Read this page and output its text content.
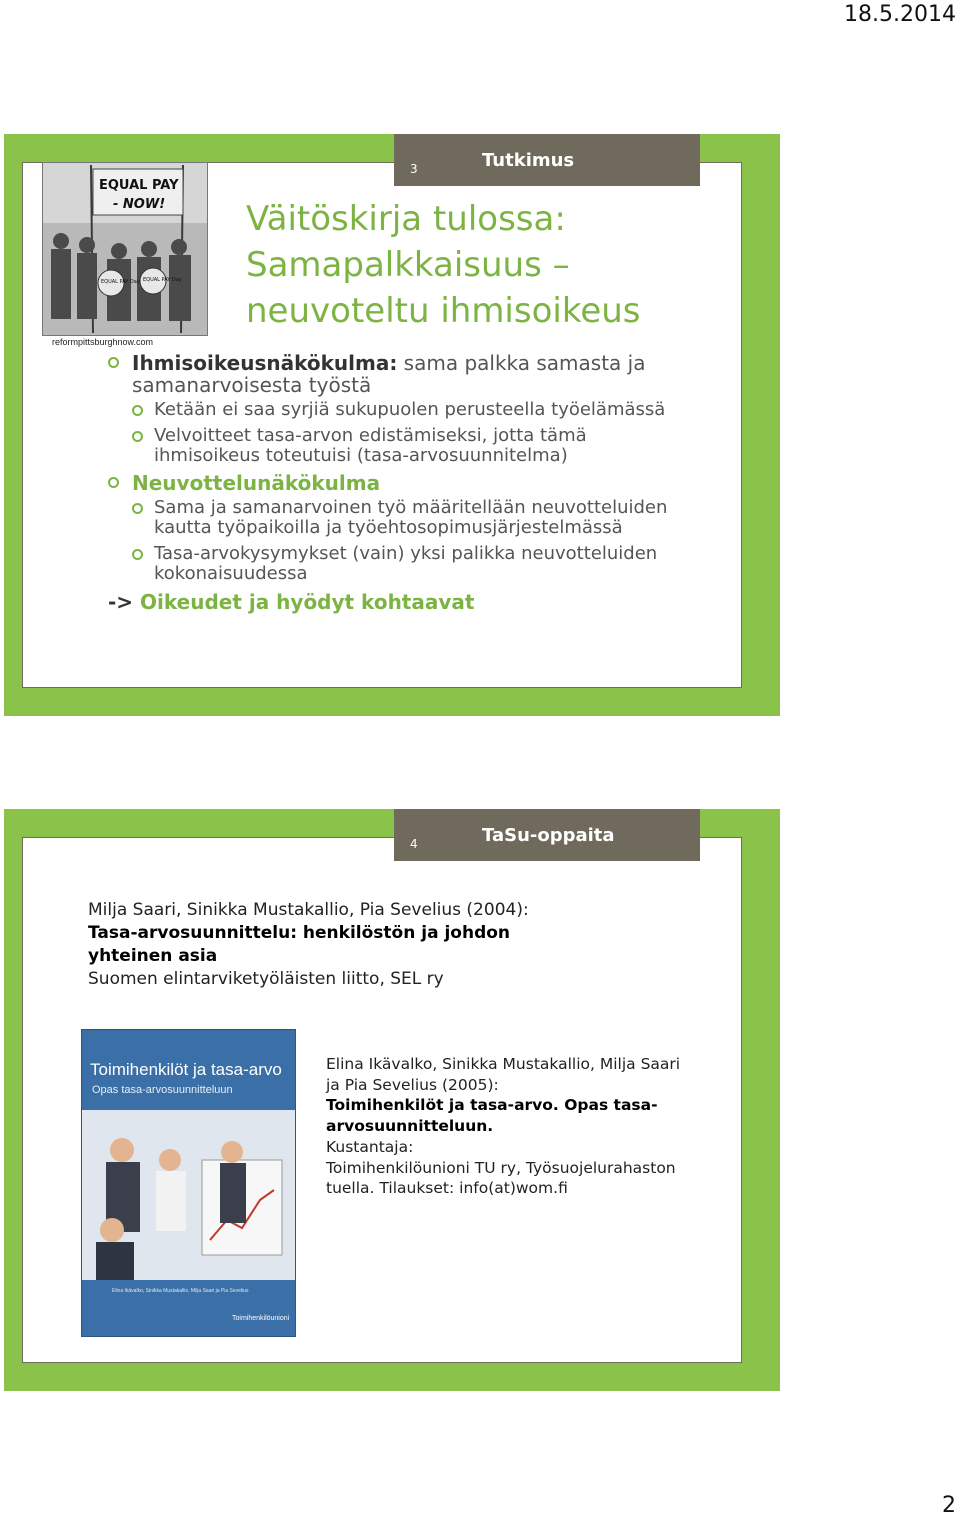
18.5.2014
3	Tutkimus
EQUAL PAY
- NOW!
EQUAL PAY Day EQUAL PAY Day
reformpittsburghnow.com
Väitöskirja tulossa:
Samapalkkaisuus –
neuvoteltu ihmisoikeus
Ihmisoikeusnäkökulma: sama palkka samasta ja samanarvoisesta työstä
Ketään ei saa syrjiä sukupuolen perusteella työelämässä
Velvoitteet tasa-arvon edistämiseksi, jotta tämä ihmisoikeus toteutuisi (tasa-arvosuunnitelma)
Neuvottelunäkökulma
Sama ja samanarvoinen työ määritellään neuvotteluiden kautta työpaikoilla ja työehtosopimusjärjestelmässä
Tasa-arvokysymykset (vain) yksi palikka neuvotteluiden kokonaisuudessa
-> Oikeudet ja hyödyt kohtaavat
4	TaSu-oppaita
Milja Saari, Sinikka Mustakallio, Pia Sevelius (2004):
Tasa-arvosuunnittelu: henkilöstön ja johdon
yhteinen asia
Suomen elintarviketyöläisten liitto, SEL ry
Toimihenkilöt ja tasa-arvo
Opas tasa-arvosuunnitteluun
Elina Ikävalko, Sinikka Mustakallio, Milja Saari ja Pia Sevelius
Toimihenkilöunioni
Elina Ikävalko, Sinikka Mustakallio, Milja Saari
ja Pia Sevelius (2005):
Toimihenkilöt ja tasa-arvo. Opas tasa-
arvosuunnitteluun.
Kustantaja:
Toimihenkilöunioni TU ry, Työsuojelurahaston
tuella. Tilaukset: info(at)wom.fi
2
